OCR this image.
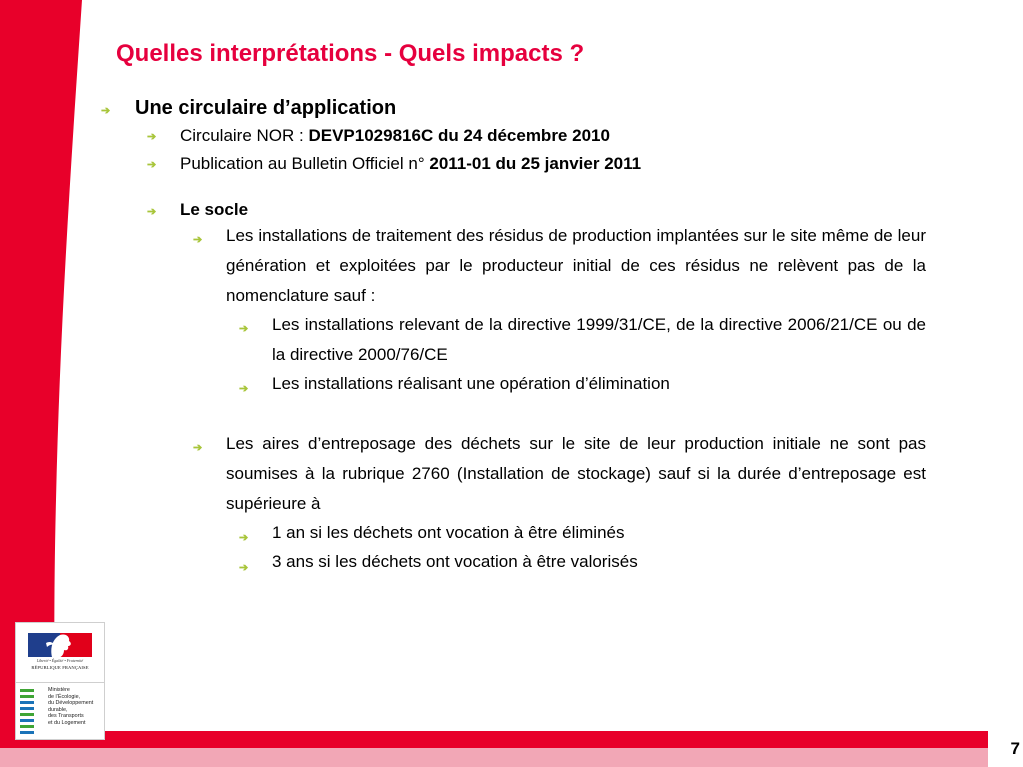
7
Liberté • Égalité • Fraternité
RÉPUBLIQUE FRANÇAISE
Ministère
de l’Écologie,
du Développement
durable,
des Transports
et du Logement
Quelles interprétations - Quels impacts ?
➔ Une circulaire d’application
➔ Circulaire NOR : DEVP1029816C du 24 décembre 2010
➔ Publication au Bulletin Officiel n° 2011-01 du 25 janvier 2011
➔ Le socle
➔ Les installations de traitement des résidus de production implantées sur le site même de leur génération et exploitées par le producteur initial de ces résidus ne relèvent pas de la nomenclature sauf :

➔ Les installations relevant de la directive 1999/31/CE, de la directive 2006/21/CE ou de la directive 2000/76/CE

➔ Les installations réalisant une opération d’élimination
➔ Les aires d’entreposage des déchets sur le site de leur production initiale ne sont pas soumises à la rubrique 2760 (Installation de stockage) sauf si la durée d’entreposage est supérieure à

➔ 1 an si les déchets ont vocation à être éliminés
➔ 3 ans si les déchets ont vocation à être valorisés
